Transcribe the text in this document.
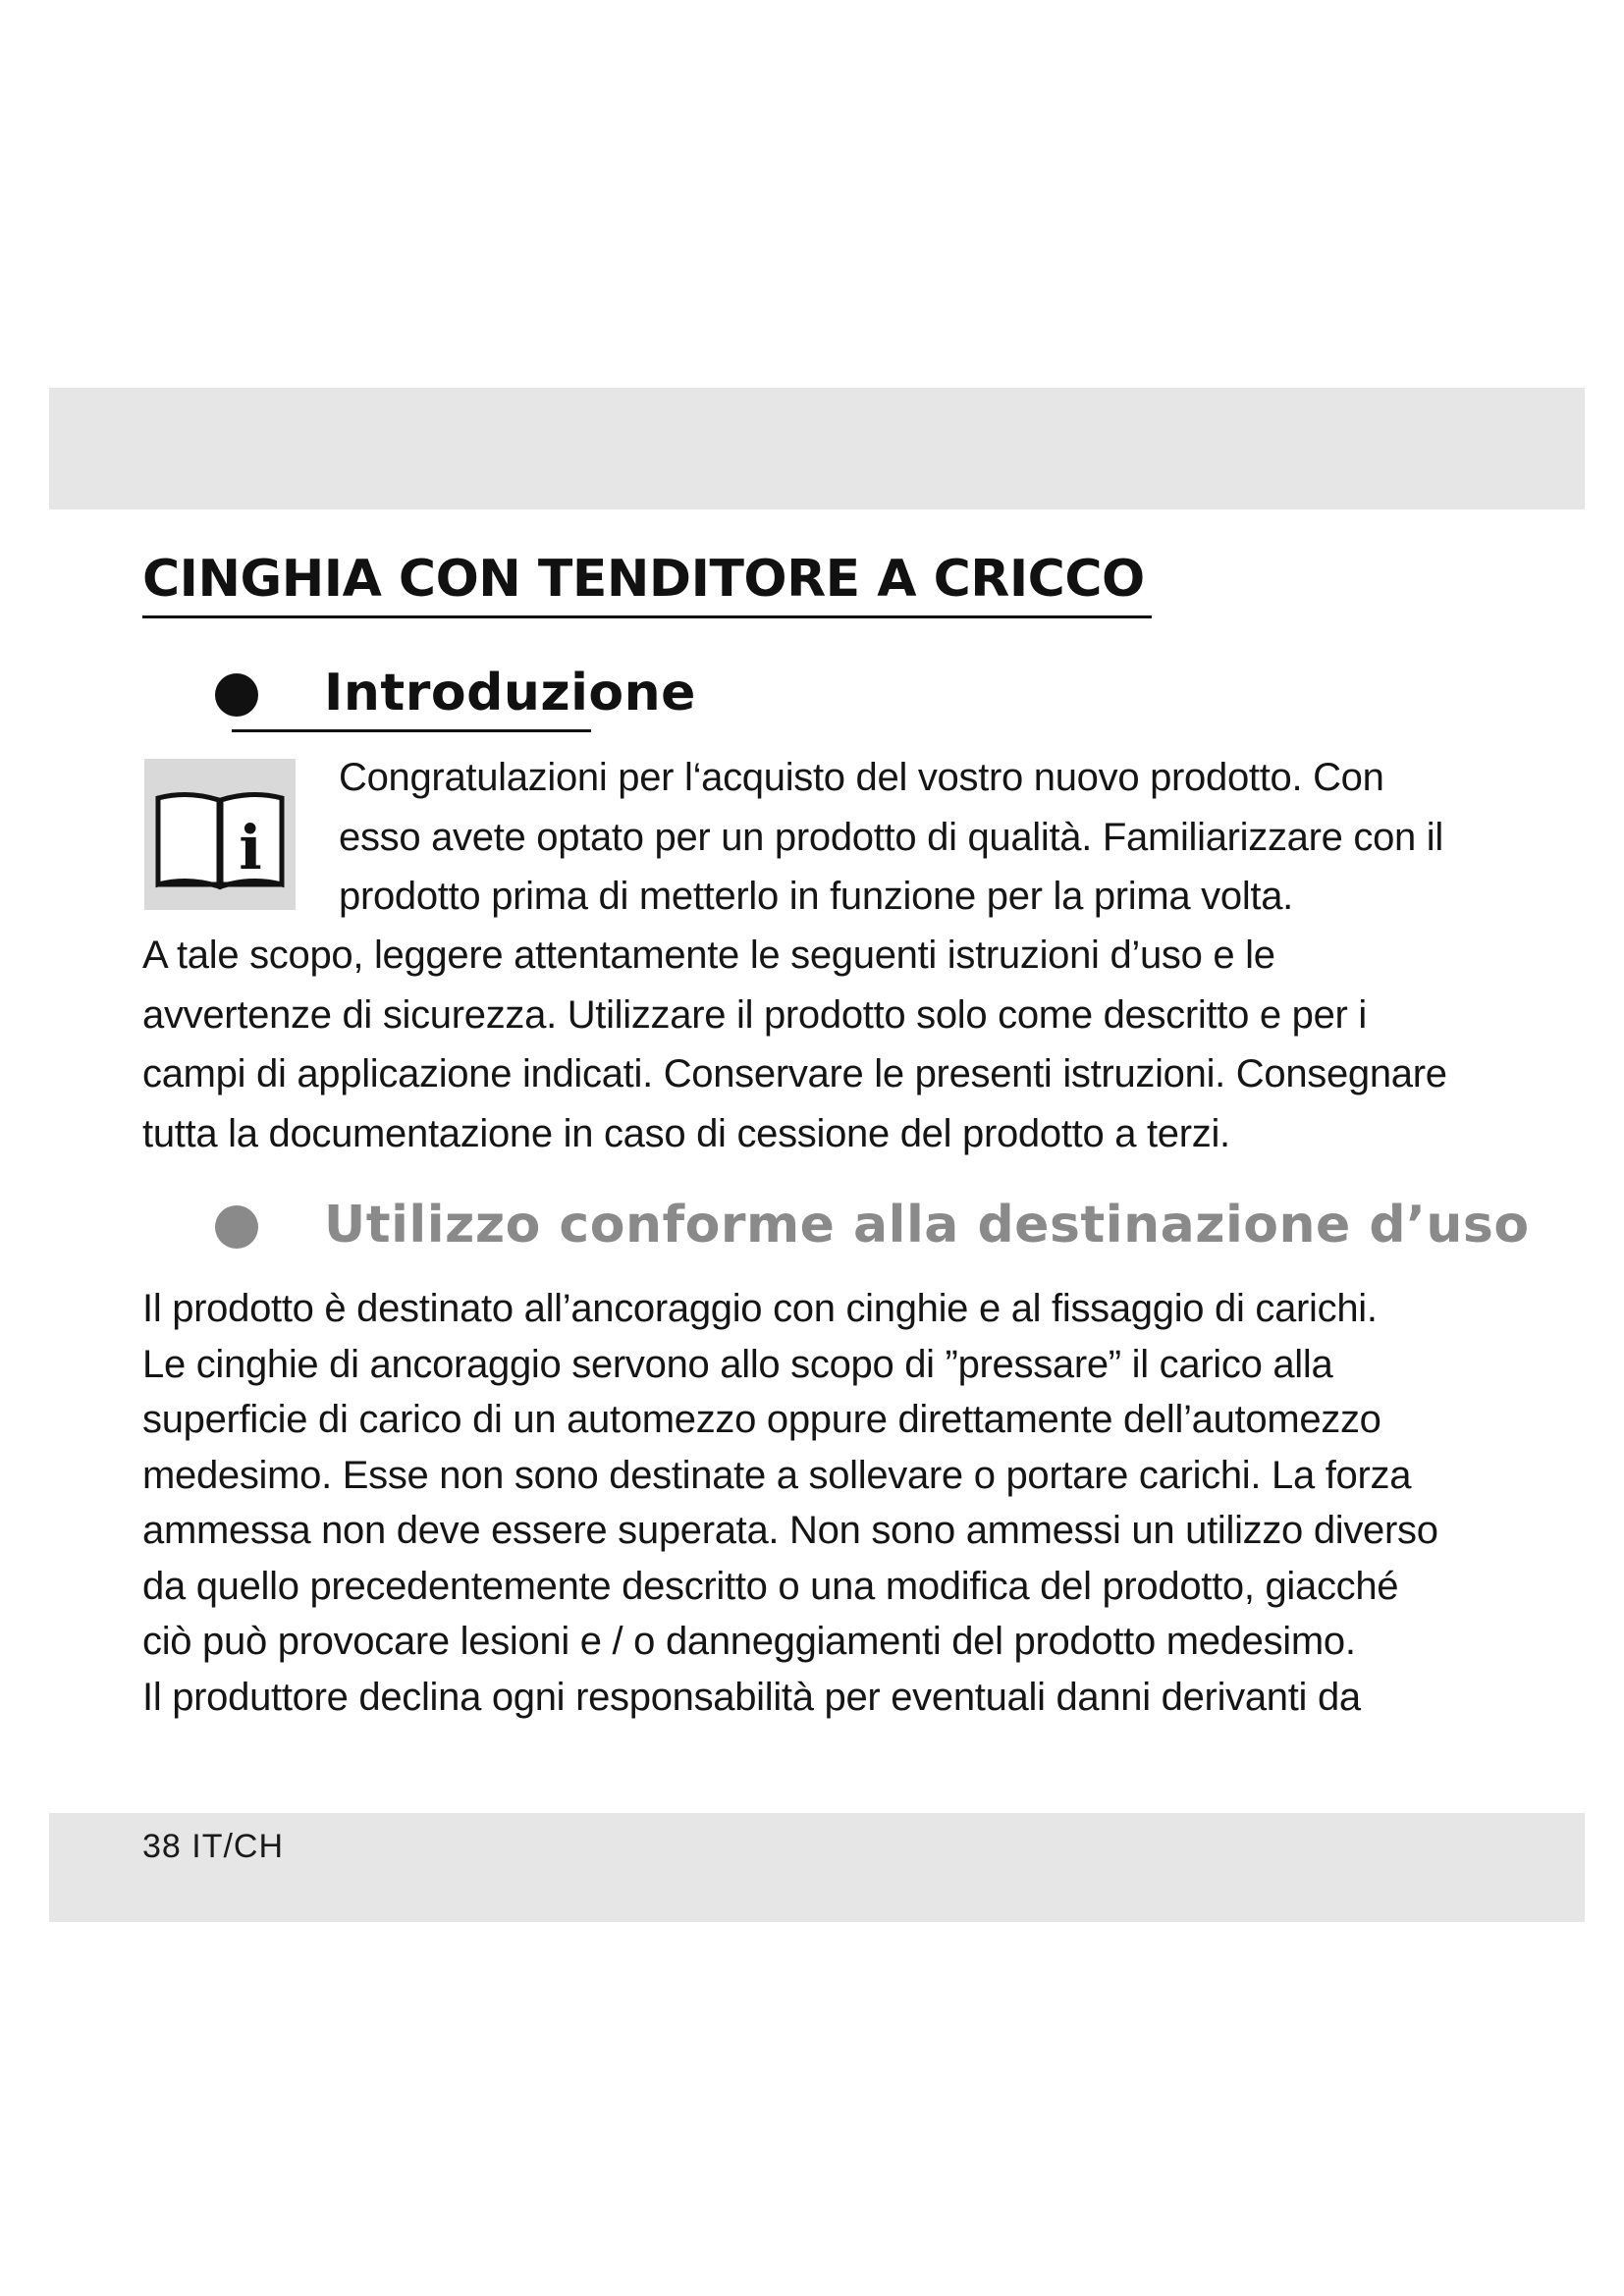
CINGHIA CON TENDITORE A CRICCO
Introduzione
i

Congratulazioni per l‘acquisto del vostro nuovo prodotto. Con
esso avete optato per un prodotto di qualità. Familiarizzare con il
prodotto prima di metterlo in funzione per la prima volta.

A tale scopo, leggere attentamente le seguenti istruzioni d’uso e le
avvertenze di sicurezza. Utilizzare il prodotto solo come descritto e per i
campi di applicazione indicati. Conservare le presenti istruzioni. Consegnare
tutta la documentazione in caso di cessione del prodotto a terzi.

Utilizzo conforme alla destinazione d’uso

Il prodotto è destinato all’ancoraggio con cinghie e al fissaggio di carichi.
Le cinghie di ancoraggio servono allo scopo di ”pressare” il carico alla
superficie di carico di un automezzo oppure direttamente dell’automezzo
medesimo. Esse non sono destinate a sollevare o portare carichi. La forza
ammessa non deve essere superata. Non sono ammessi un utilizzo diverso
da quello precedentemente descritto o una modifica del prodotto, giacché
ciò può provocare lesioni e / o danneggiamenti del prodotto medesimo.
Il produttore declina ogni responsabilità per eventuali danni derivanti da

38 IT/CH
